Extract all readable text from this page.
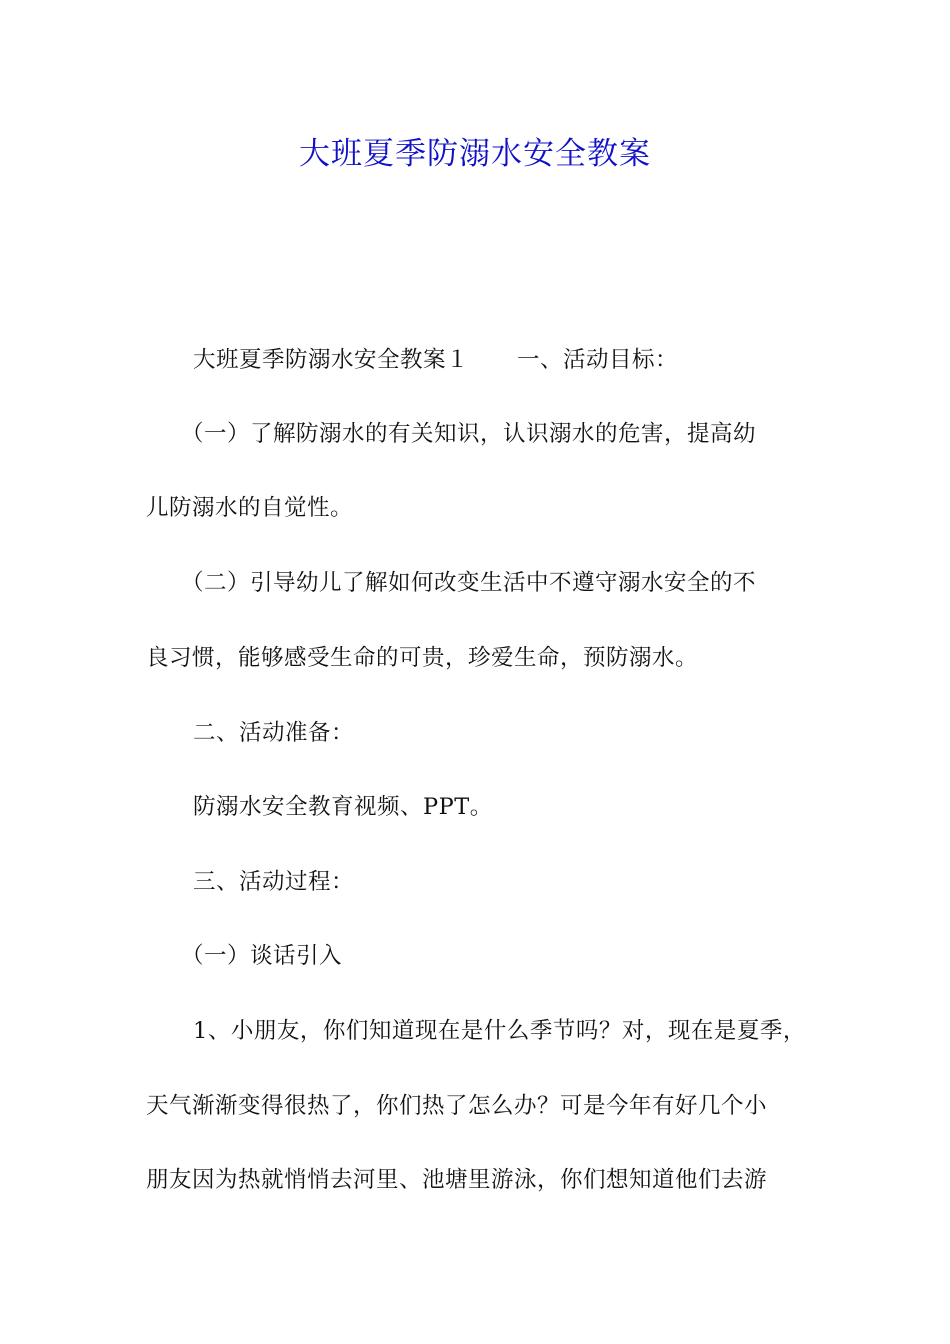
大班夏季防溺水安全教案
大班夏季防溺水安全教案１ 一、活动目标：
（一）了解防溺水的有关知识，认识溺水的危害，提高幼
儿防溺水的自觉性。
（二）引导幼儿了解如何改变生活中不遵守溺水安全的不
良习惯，能够感受生命的可贵，珍爱生命，预防溺水。
二、活动准备：
防溺水安全教育视频、PPT。
三、活动过程：
（一）谈话引入
1、小朋友，你们知道现在是什么季节吗？对，现在是夏季，
天气渐渐变得很热了，你们热了怎么办？可是今年有好几个小
朋友因为热就悄悄去河里、池塘里游泳，你们想知道他们去游
